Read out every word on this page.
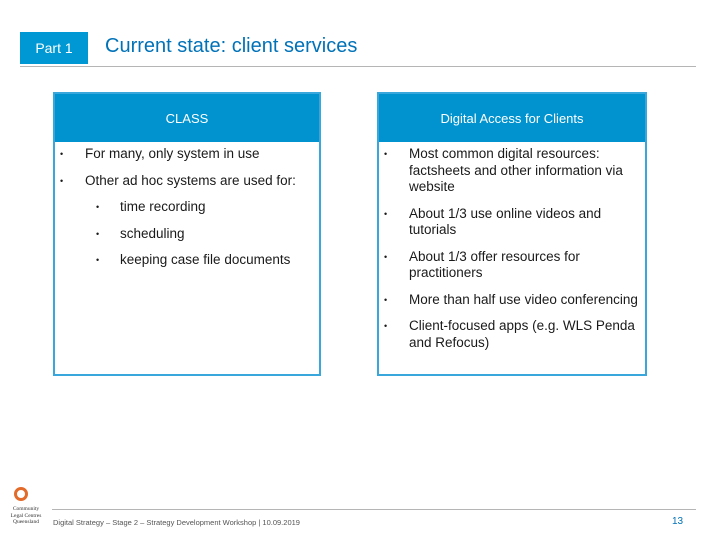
Part 1 Current state: client services
CLASS	Digital Access for Clients
• For many, only system in use
• Other ad hoc systems are used for:
• time recording
• scheduling
• keeping case file documents
• Most common digital resources: factsheets and other information via website
• About 1/3 use online videos and tutorials
• About 1/3 offer resources for practitioners
• More than half use video conferencing
• Client-focused apps (e.g. WLS Penda and Refocus)
Community
Legal Centres
Queensland	Digital Strategy – Stage 2 – Strategy Development Workshop | 10.09.2019	13
